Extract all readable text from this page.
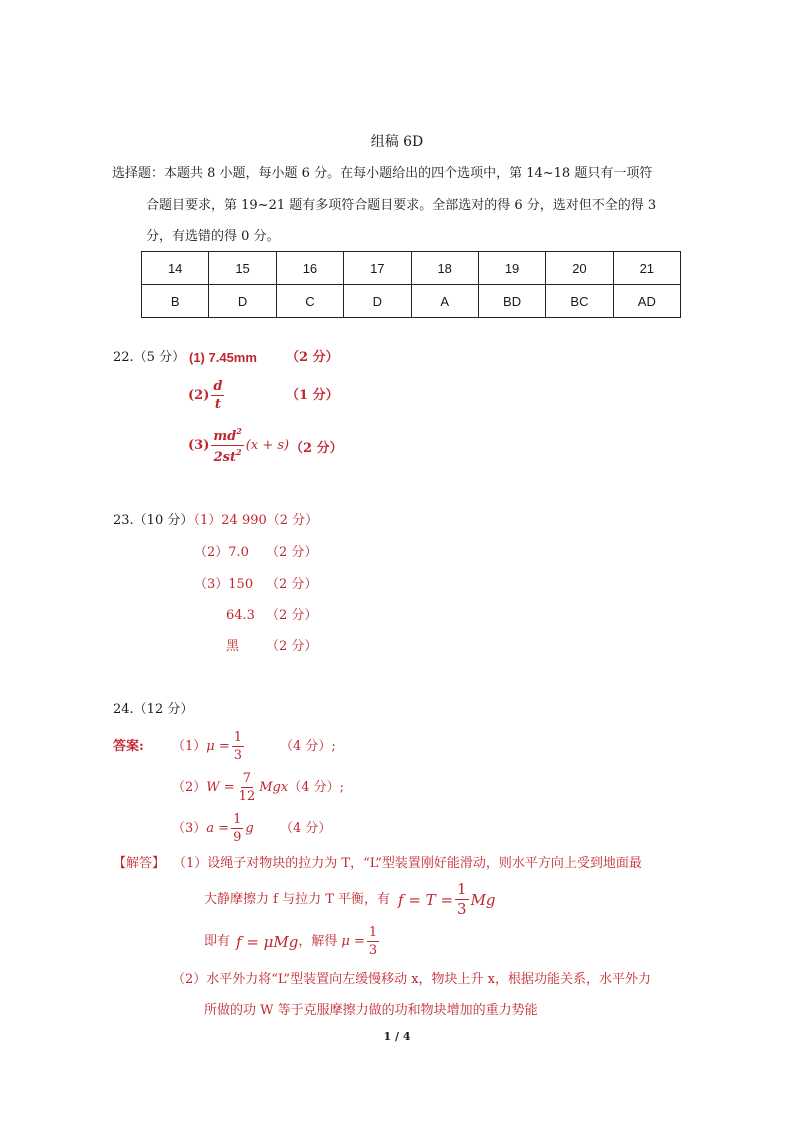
组稿 6D
选择题：本题共 8 小题，每小题 6 分。在每小题给出的四个选项中，第 14~18 题只有一项符
合题目要求，第 19~21 题有多项符合题目要求。全部选对的得 6 分，选对但不全的得 3
分，有选错的得 0 分。
14	15	16	17	18	19	20	21
B	D	C	D	A	BD	BC	AD
22.（5 分） (1) 7.45mm （2 分）
$(2) \frac{d}{t}$	（1 分）
$(3) \frac{md^2}{2st^2} (x + s)$ （2 分）
23.（10 分）
（1）24 990（2 分）
（2）7.0 （2 分）
（3）150 （2 分）
64.3 （2 分）
黑 （2 分）
24.（12 分）
答案: （1） $\mu = \frac{1}{3}$	（4 分）;
（2） $W = \frac{7}{12}$ Mgx （4 分）;
（3） $a = \frac{1}{9}$ g （4 分）
【解答】 （1）设绳子对物块的拉力为 T，“L”型装置刚好能滑动，则水平方向上受到地面最
大静摩擦力 f 与拉力 T 平衡，有 $f = T = \frac{1}{3}$ Mg
即有 f = μMg ，解得 $\mu = \frac{1}{3}$
（2）水平外力将“L”型装置向左缓慢移动 x，物块上升 x，根据功能关系，水平外力
所做的功 W 等于克服摩擦力做的功和物块增加的重力势能
1 / 4
